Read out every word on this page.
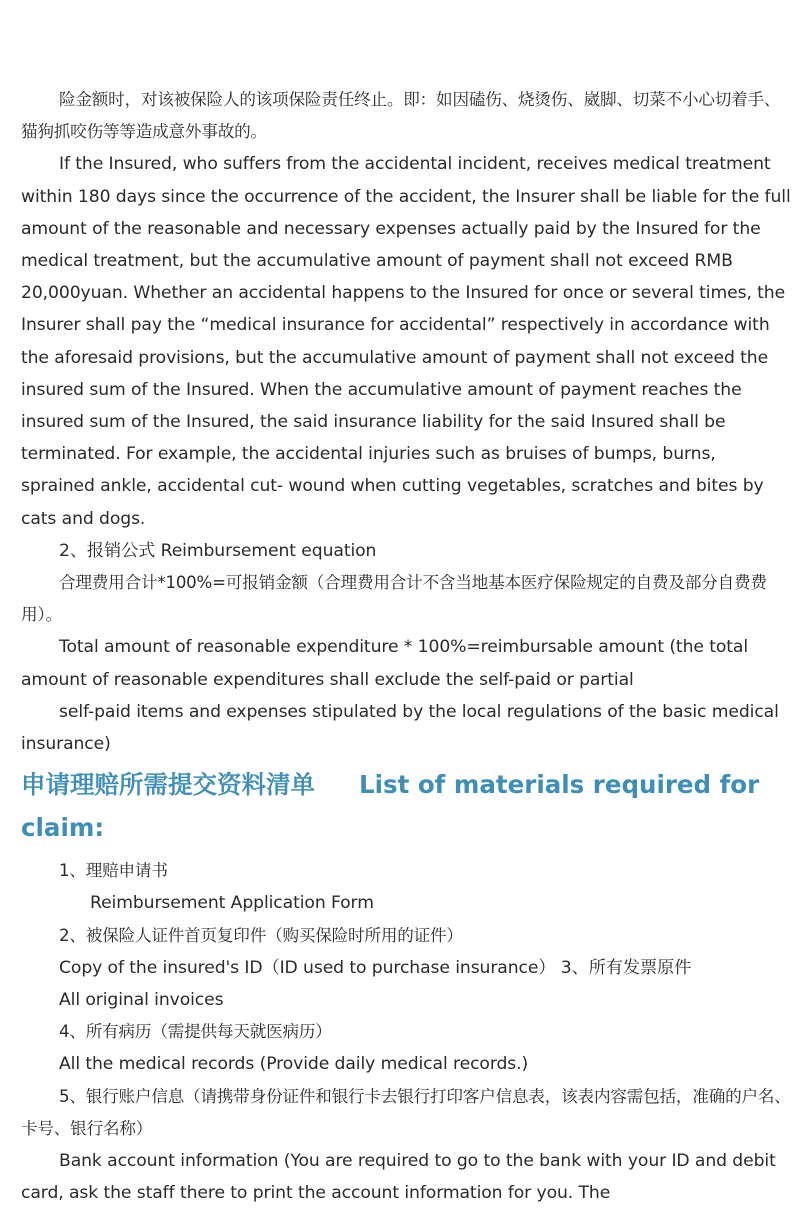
险金额时，对该被保险人的该项保险责任终止。即：如因磕伤、烧烫伤、崴脚、切菜不小心切着手、猫狗抓咬伤等等造成意外事故的。

If the Insured, who suffers from the accidental incident, receives medical treatment within 180 days since the occurrence of the accident, the Insurer shall be liable for the full amount of the reasonable and necessary expenses actually paid by the Insured for the medical treatment, but the accumulative amount of payment shall not exceed RMB 20,000yuan. Whether an accidental happens to the Insured for once or several times, the Insurer shall pay the “medical insurance for accidental” respectively in accordance with the aforesaid provisions, but the accumulative amount of payment shall not exceed the insured sum of the Insured. When the accumulative amount of payment reaches the insured sum of the Insured, the said insurance liability for the said Insured shall be terminated. For example, the accidental injuries such as bruises of bumps, burns, sprained ankle, accidental cut- wound when cutting vegetables, scratches and bites by cats and dogs.

2、报销公式 Reimbursement equation

合理费用合计*100%=可报销金额（合理费用合计不含当地基本医疗保险规定的自费及部分自费费用）。

Total amount of reasonable expenditure * 100%=reimbursable amount (the total amount of reasonable expenditures shall exclude the self-paid or partial

self-paid items and expenses stipulated by the local regulations of the basic medical insurance)

申请理赔所需提交资料清单 List of materials required for claim:

1、理赔申请书

Reimbursement Application Form

2、被保险人证件首页复印件（购买保险时所用的证件）

Copy of the insured's ID（ID used to purchase insurance） 3、所有发票原件

All original invoices

4、所有病历（需提供每天就医病历）

All the medical records (Provide daily medical records.)

5、银行账户信息（请携带身份证件和银行卡去银行打印客户信息表，该表内容需包括，准确的户名、卡号、银行名称）

Bank account information (You are required to go to the bank with your ID and debit card, ask the staff there to print the account information for you. The
